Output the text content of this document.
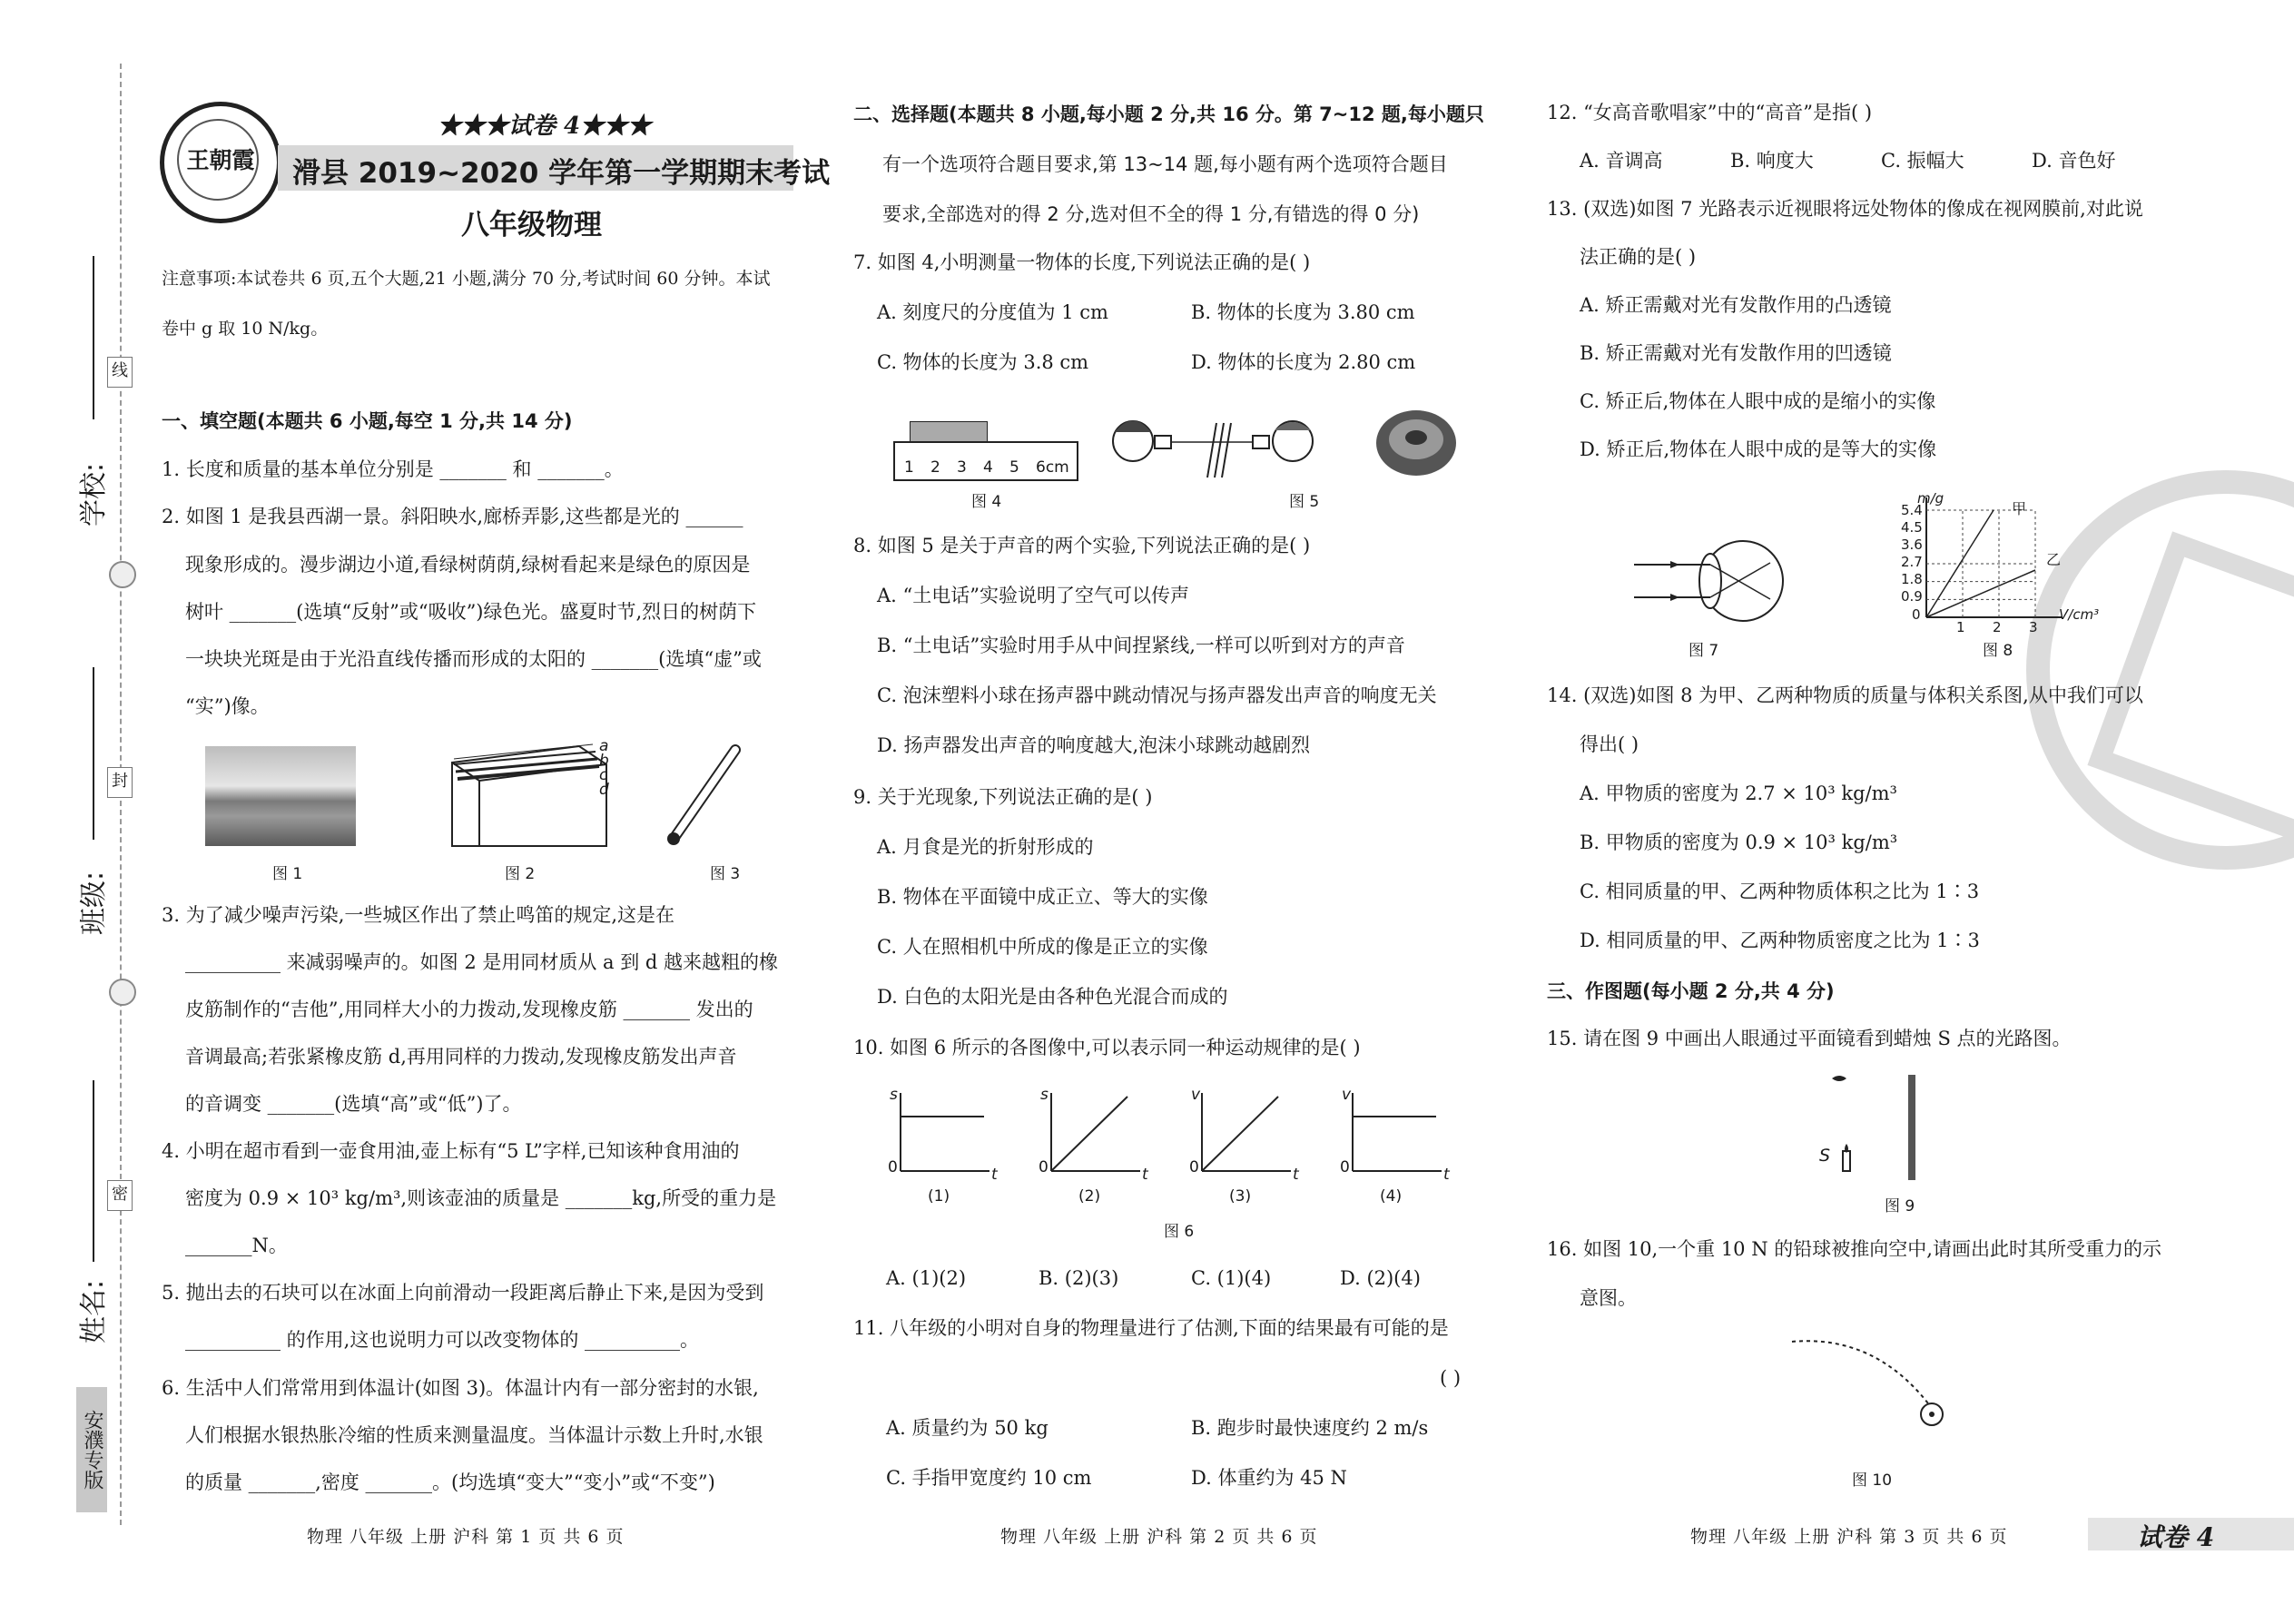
学校:
班级:
姓名:
线
封
密
安濮专版
王朝霞
★★★试卷 4★★★
滑县 2019~2020 学年第一学期期末考试
八年级物理
注意事项:本试卷共 6 页,五个大题,21 小题,满分 70 分,考试时间 60 分钟。本试
卷中 g 取 10 N/kg。
一、填空题(本题共 6 小题,每空 1 分,共 14 分)
1. 长度和质量的基本单位分别是 _______ 和 _______。
2. 如图 1 是我县西湖一景。斜阳映水,廊桥弄影,这些都是光的 ______
现象形成的。漫步湖边小道,看绿树荫荫,绿树看起来是绿色的原因是
树叶 _______(选填“反射”或“吸收”)绿色光。盛夏时节,烈日的树荫下
一块块光斑是由于光沿直线传播而形成的太阳的 _______(选填“虚”或
“实”)像。
图 1
a
b
c
d
图 2	图 3
3. 为了减少噪声污染,一些城区作出了禁止鸣笛的规定,这是在
__________ 来减弱噪声的。如图 2 是用同材质从 a 到 d 越来越粗的橡
皮筋制作的“吉他”,用同样大小的力拨动,发现橡皮筋 _______ 发出的
音调最高;若张紧橡皮筋 d,再用同样的力拨动,发现橡皮筋发出声音
的音调变 _______(选填“高”或“低”)了。
4. 小明在超市看到一壶食用油,壶上标有“5 L”字样,已知该种食用油的
密度为 0.9 × 10³ kg/m³,则该壶油的质量是 _______kg,所受的重力是
_______N。
5. 抛出去的石块可以在冰面上向前滑动一段距离后静止下来,是因为受到
__________ 的作用,这也说明力可以改变物体的 __________。
6. 生活中人们常常用到体温计(如图 3)。体温计内有一部分密封的水银,
人们根据水银热胀冷缩的性质来测量温度。当体温计示数上升时,水银
的质量 _______,密度 _______。(均选填“变大”“变小”或“不变”)
物理 八年级 上册 沪科 第 1 页 共 6 页
二、选择题(本题共 8 小题,每小题 2 分,共 16 分。第 7~12 题,每小题只
有一个选项符合题目要求,第 13~14 题,每小题有两个选项符合题目
要求,全部选对的得 2 分,选对但不全的得 1 分,有错选的得 0 分)
7. 如图 4,小明测量一物体的长度,下列说法正确的是( )
A. 刻度尺的分度值为 1 cm	B. 物体的长度为 3.80 cm
C. 物体的长度为 3.8 cm	D. 物体的长度为 2.80 cm
1 2 3 4 5 6cm
图 4	图 5
8. 如图 5 是关于声音的两个实验,下列说法正确的是( )
A. “土电话”实验说明了空气可以传声
B. “土电话”实验时用手从中间捏紧线,一样可以听到对方的声音
C. 泡沫塑料小球在扬声器中跳动情况与扬声器发出声音的响度无关
D. 扬声器发出声音的响度越大,泡沫小球跳动越剧烈
9. 关于光现象,下列说法正确的是( )
A. 月食是光的折射形成的
B. 物体在平面镜中成正立、等大的实像
C. 人在照相机中所成的像是正立的实像
D. 白色的太阳光是由各种色光混合而成的
10. 如图 6 所示的各图像中,可以表示同一种运动规律的是( )
s
t
0
(1)
s
t
0
(2)
v
t
0
(3)
v
t
0
(4)
图 6
A. (1)(2)	B. (2)(3)	C. (1)(4)	D. (2)(4)
11. 八年级的小明对自身的物理量进行了估测,下面的结果最有可能的是
( )
A. 质量约为 50 kg	B. 跑步时最快速度约 2 m/s
C. 手指甲宽度约 10 cm	D. 体重约为 45 N
物理 八年级 上册 沪科 第 2 页 共 6 页
12. “女高音歌唱家”中的“高音”是指( )
A. 音调高	B. 响度大	C. 振幅大	D. 音色好
13. (双选)如图 7 光路表示近视眼将远处物体的像成在视网膜前,对此说
法正确的是( )
A. 矫正需戴对光有发散作用的凸透镜
B. 矫正需戴对光有发散作用的凹透镜
C. 矫正后,物体在人眼中成的是缩小的实像
D. 矫正后,物体在人眼中成的是等大的实像
图 7
m/g
V/cm³
5.4
4.5
3.6
2.7
1.8
0.9
0
1 2 3
甲
乙
图 8
14. (双选)如图 8 为甲、乙两种物质的质量与体积关系图,从中我们可以
得出( )
A. 甲物质的密度为 2.7 × 10³ kg/m³
B. 甲物质的密度为 0.9 × 10³ kg/m³
C. 相同质量的甲、乙两种物质体积之比为 1∶3
D. 相同质量的甲、乙两种物质密度之比为 1∶3
三、作图题(每小题 2 分,共 4 分)
15. 请在图 9 中画出人眼通过平面镜看到蜡烛 S 点的光路图。
S
图 9
16. 如图 10,一个重 10 N 的铅球被推向空中,请画出此时其所受重力的示
意图。
图 10
物理 八年级 上册 沪科 第 3 页 共 6 页	试卷 4
